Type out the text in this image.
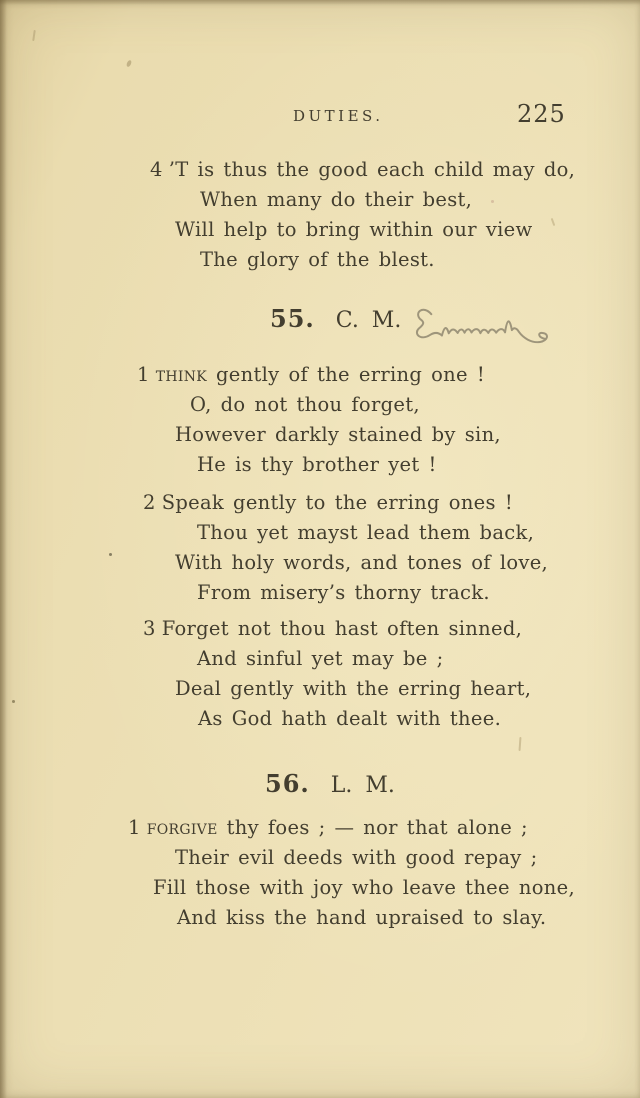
DUTIES.	225
4 ’T is thus the good each child may do,
When many do their best,
Will help to bring within our view
The glory of the blest.
55. C. M.
1 think gently of the erring one !
O, do not thou forget,
However darkly stained by sin,
He is thy brother yet !
2 Speak gently to the erring ones !
Thou yet mayst lead them back,
With holy words, and tones of love,
From misery’s thorny track.
3 Forget not thou hast often sinned,
And sinful yet may be ;
Deal gently with the erring heart,
As God hath dealt with thee.
56. L. M.
1 forgive thy foes ; — nor that alone ;
Their evil deeds with good repay ;
Fill those with joy who leave thee none,
And kiss the hand upraised to slay.
